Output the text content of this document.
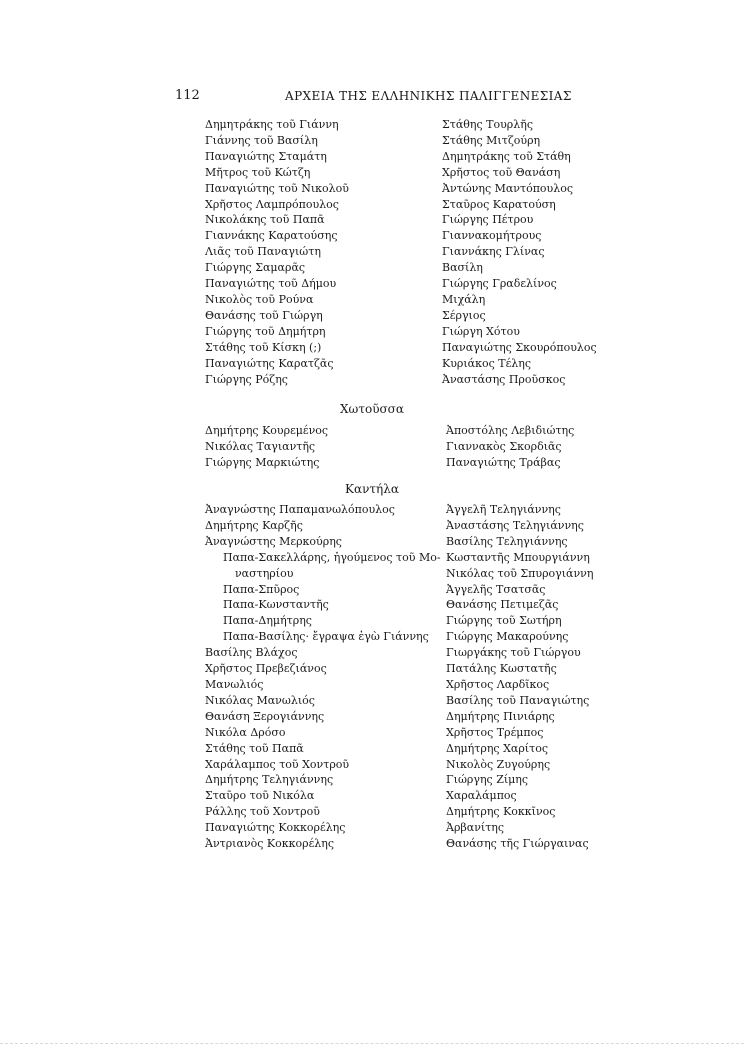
112	ΑΡΧΕΙΑ ΤΗΣ ΕΛΛΗΝΙΚΗΣ ΠΑΛΙΓΓΕΝΕΣΙΑΣ
Δημητράκης τοῦ Γιάννη
Γιάννης τοῦ Βασίλη
Παναγιώτης Σταμάτη
Μῆτρος τοῦ Κώτζη
Παναγιώτης τοῦ Νικολοῦ
Χρῆστος Λαμπρόπουλος
Νικολάκης τοῦ Παπᾶ
Γιαννάκης Καρατούσης
Λιᾶς τοῦ Παναγιώτη
Γιώργης Σαμαρᾶς
Παναγιώτης τοῦ Δήμου
Νικολὸς τοῦ Ρούνα
Θανάσης τοῦ Γιώργη
Γιώργης τοῦ Δημήτρη
Στάθης τοῦ Κίσκη (;)
Παναγιώτης Καρατζᾶς
Γιώργης Ρόζης
Στάθης Τουρλῆς
Στάθης Μιτζούρη
Δημητράκης τοῦ Στάθη
Χρῆστος τοῦ Θανάση
Ἀντώνης Μαντόπουλος
Σταῦρος Καρατούση
Γιώργης Πέτρου
Γιαννακομήτρους
Γιαννάκης Γλίνας
Βασίλη
Γιώργης Γραδελίνος
Μιχάλη
Σέργιος
Γιώργη Χότου
Παναγιώτης Σκουρόπουλος
Κυριάκος Τέλης
Ἀναστάσης Προῦσκος
Χωτοῦσσα
Δημήτρης Κουρεμένος
Νικόλας Ταγιαντῆς
Γιώργης Μαρκιώτης
Ἀποστόλης Λεβιδιώτης
Γιαννακὸς Σκορδιᾶς
Παναγιώτης Τράβας
Καντήλα
Ἀναγνώστης Παπαμανωλόπουλος
Δημήτρης Καρζῆς
Ἀναγνώστης Μερκούρης
Παπα-Σακελλάρης, ἡγούμενος τοῦ Μο-
ναστηρίου
Παπα-Σπῦρος
Παπα-Κωνσταντῆς
Παπα-Δημήτρης
Παπα-Βασίλης· ἔγραψα ἐγὼ Γιάννης
Βασίλης Βλάχος
Χρῆστος Πρεβεζιάνος
Μανωλιός
Νικόλας Μανωλιός
Θανάση Ξερογιάννης
Νικόλα Δρόσο
Στάθης τοῦ Παπᾶ
Χαράλαμπος τοῦ Χοντροῦ
Δημήτρης Τεληγιάννης
Σταῦρο τοῦ Νικόλα
Ράλλης τοῦ Χοντροῦ
Παναγιώτης Κοκκορέλης
Ἀντριανὸς Κοκκορέλης
Ἀγγελῆ Τεληγιάννης
Ἀναστάσης Τεληγιάννης
Βασίλης Τεληγιάννης
Κωσταντῆς Μπουργιάννη
Νικόλας τοῦ Σπυρογιάννη
Ἀγγελῆς Τσατσᾶς
Θανάσης Πετιμεζᾶς
Γιώργης τοῦ Σωτήρη
Γιώργης Μακαρούνης
Γιωργάκης τοῦ Γιώργου
Πατάλης Κωστατῆς
Χρῆστος Λαρδῖκος
Βασίλης τοῦ Παναγιώτης
Δημήτρης Πινιάρης
Χρῆστος Τρέμπος
Δημήτρης Χαρίτος
Νικολὸς Ζυγούρης
Γιώργης Ζίμης
Χαραλάμπος
Δημήτρης Κοκκῖνος
Ἀρβανίτης
Θανάσης τῆς Γιώργαινας
